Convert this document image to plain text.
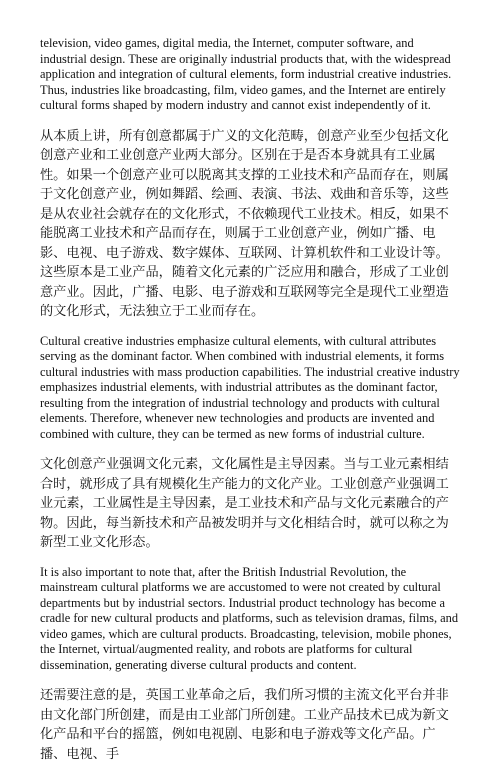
television, video games, digital media, the Internet, computer software, and industrial design. These are originally industrial products that, with the widespread application and integration of cultural elements, form industrial creative industries. Thus, industries like broadcasting, film, video games, and the Internet are entirely cultural forms shaped by modern industry and cannot exist independently of it.

从本质上讲，所有创意都属于广义的文化范畴，创意产业至少包括文化创意产业和工业创意产业两大部分。区别在于是否本身就具有工业属性。如果一个创意产业可以脱离其支撑的工业技术和产品而存在，则属于文化创意产业，例如舞蹈、绘画、表演、书法、戏曲和音乐等，这些是从农业社会就存在的文化形式，不依赖现代工业技术。相反，如果不能脱离工业技术和产品而存在，则属于工业创意产业，例如广播、电影、电视、电子游戏、数字媒体、互联网、计算机软件和工业设计等。这些原本是工业产品，随着文化元素的广泛应用和融合，形成了工业创意产业。因此，广播、电影、电子游戏和互联网等完全是现代工业塑造的文化形式，无法独立于工业而存在。

Cultural creative industries emphasize cultural elements, with cultural attributes serving as the dominant factor. When combined with industrial elements, it forms cultural industries with mass production capabilities. The industrial creative industry emphasizes industrial elements, with industrial attributes as the dominant factor, resulting from the integration of industrial technology and products with cultural elements. Therefore, whenever new technologies and products are invented and combined with culture, they can be termed as new forms of industrial culture.

文化创意产业强调文化元素，文化属性是主导因素。当与工业元素相结合时，就形成了具有规模化生产能力的文化产业。工业创意产业强调工业元素，工业属性是主导因素，是工业技术和产品与文化元素融合的产物。因此，每当新技术和产品被发明并与文化相结合时，就可以称之为新型工业文化形态。

It is also important to note that, after the British Industrial Revolution, the mainstream cultural platforms we are accustomed to were not created by cultural departments but by industrial sectors. Industrial product technology has become a cradle for new cultural products and platforms, such as television dramas, films, and video games, which are cultural products. Broadcasting, television, mobile phones, the Internet, virtual/augmented reality, and robots are platforms for cultural dissemination, generating diverse cultural products and content.

还需要注意的是，英国工业革命之后，我们所习惯的主流文化平台并非由文化部门所创建，而是由工业部门所创建。工业产品技术已成为新文化产品和平台的摇篮，例如电视剧、电影和电子游戏等文化产品。广播、电视、手
